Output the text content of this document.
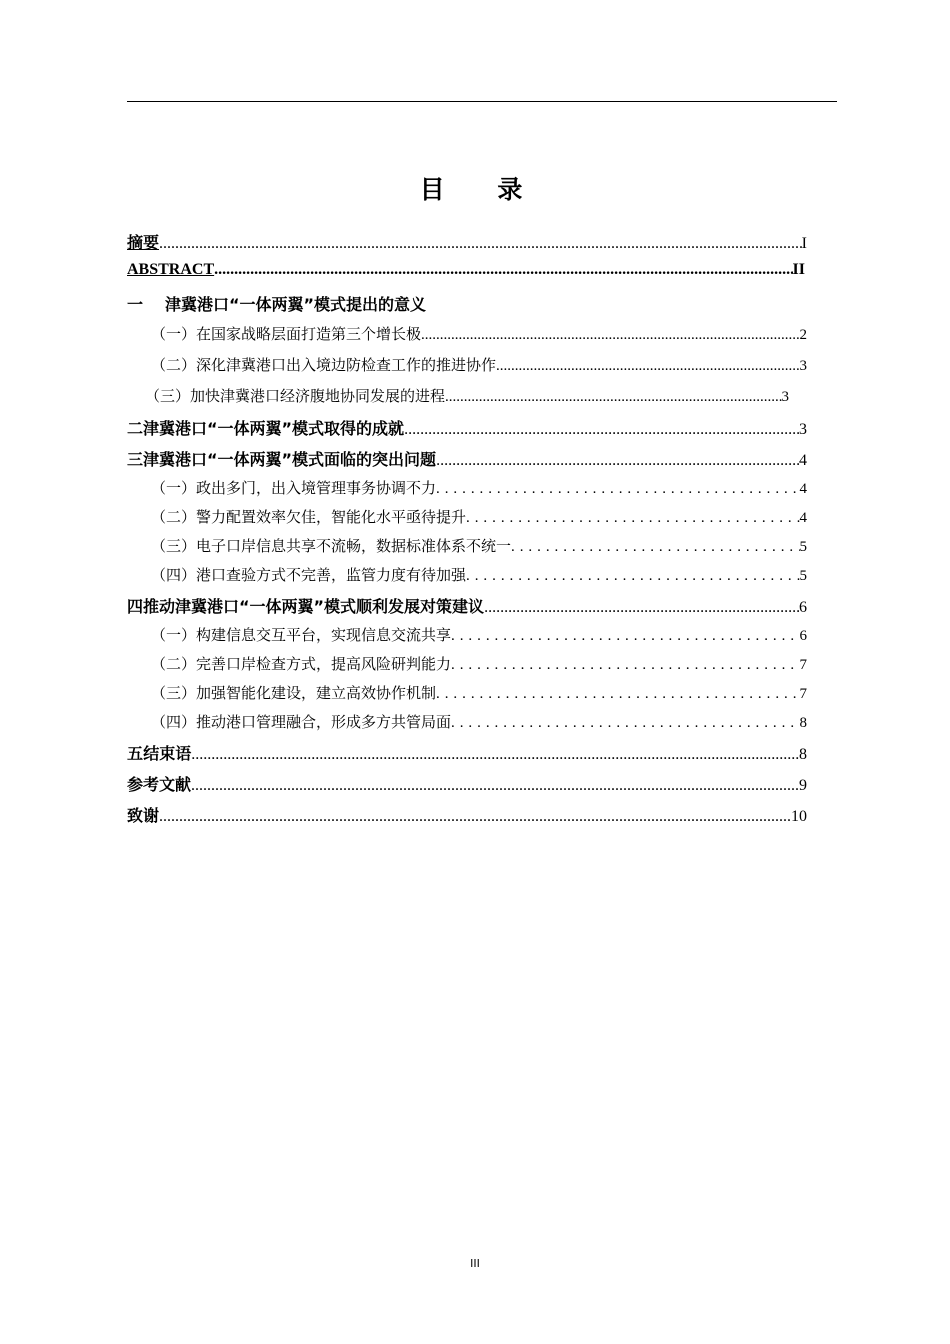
目 录
摘要 .....	I
ABSTRACT .....	II
一	津冀港口“一体两翼”模式提出的意义
（一） 在国家战略层面打造第三个增长极 .....	2
（二） 深化津冀港口出入境边防检查工作的推进协作 .....	3
（三） 加快津冀港口经济腹地协同发展的进程 .....	3
二 津冀港口“一体两翼”模式取得的成就 .....	3
三 津冀港口“一体两翼”模式面临的突出问题 .....	4
（一） 政出多门，出入境管理事务协调不力 . . .	4
（二） 警力配置效率欠佳，智能化水平亟待提升 . . .	4
（三） 电子口岸信息共享不流畅，数据标准体系不统一 . . .	5
（四） 港口查验方式不完善，监管力度有待加强 . . .	5
四 推动津冀港口“一体两翼”模式顺利发展对策建议 .....	6
（一） 构建信息交互平台，实现信息交流共享 . . .	6
（二） 完善口岸检查方式，提高风险研判能力 . . .	7
（三） 加强智能化建设，建立高效协作机制 . . .	7
（四） 推动港口管理融合，形成多方共管局面 . . .	8
五 结束语 .....	8
参考文献 .....	9
致谢 .....	10
III
